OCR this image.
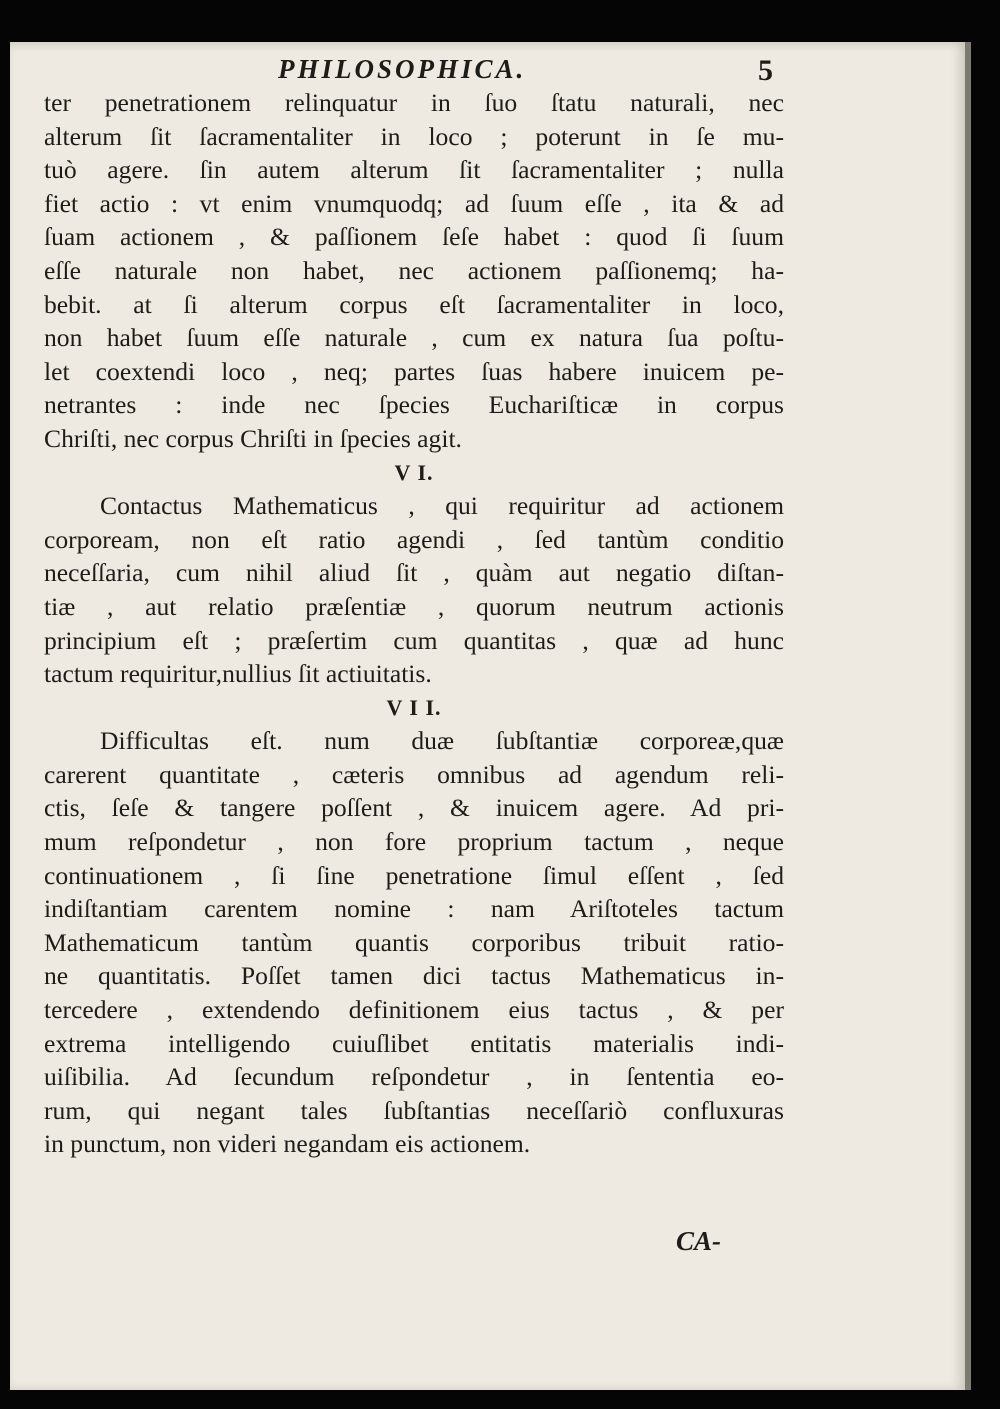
PHILOSOPHICA.	5
ter penetrationem relinquatur in ſuo ſtatu naturali, nec
alterum ſit ſacramentaliter in loco ; poterunt in ſe mu-
tuò agere. ſin autem alterum ſit ſacramentaliter ; nulla
fiet actio : vt enim vnumquodq; ad ſuum eſſe , ita & ad
ſuam actionem , & paſſionem ſeſe habet : quod ſi ſuum
eſſe naturale non habet, nec actionem paſſionemq; ha-
bebit. at ſi alterum corpus eſt ſacramentaliter in loco,
non habet ſuum eſſe naturale , cum ex natura ſua poſtu-
let coextendi loco , neq; partes ſuas habere inuicem pe-
netrantes : inde nec ſpecies Euchariſticæ in corpus
Chriſti, nec corpus Chriſti in ſpecies agit.
V I.
Contactus Mathematicus , qui requiritur ad actionem
corpoream, non eſt ratio agendi , ſed tantùm conditio
neceſſaria, cum nihil aliud ſit , quàm aut negatio diſtan-
tiæ , aut relatio præſentiæ , quorum neutrum actionis
principium eſt ; præſertim cum quantitas , quæ ad hunc
tactum requiritur,nullius ſit actiuitatis.
V I I.
Difficultas eſt. num duæ ſubſtantiæ corporeæ,quæ
carerent quantitate , cæteris omnibus ad agendum reli-
ctis, ſeſe & tangere poſſent , & inuicem agere. Ad pri-
mum reſpondetur , non fore proprium tactum , neque
continuationem , ſi ſine penetratione ſimul eſſent , ſed
indiſtantiam carentem nomine : nam Ariſtoteles tactum
Mathematicum tantùm quantis corporibus tribuit ratio-
ne quantitatis. Poſſet tamen dici tactus Mathematicus in-
tercedere , extendendo definitionem eius tactus , & per
extrema intelligendo cuiuſlibet entitatis materialis indi-
uiſibilia. Ad ſecundum reſpondetur , in ſententia eo-
rum, qui negant tales ſubſtantias neceſſariò confluxuras
in punctum, non videri negandam eis actionem.
CA-
